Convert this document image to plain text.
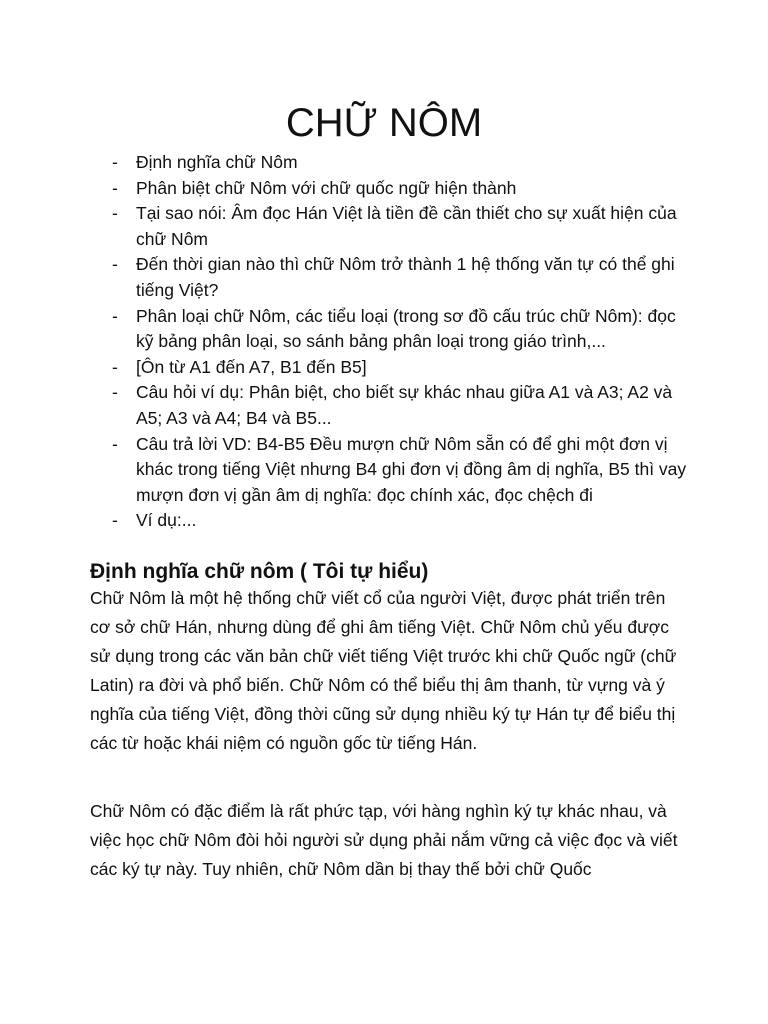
CHỮ NÔM
- Định nghĩa chữ Nôm
- Phân biệt chữ Nôm với chữ quốc ngữ hiện thành
- Tại sao nói: Âm đọc Hán Việt là tiền đề cần thiết cho sự xuất hiện của chữ Nôm
- Đến thời gian nào thì chữ Nôm trở thành 1 hệ thống văn tự có thể ghi tiếng Việt?
- Phân loại chữ Nôm, các tiểu loại (trong sơ đồ cấu trúc chữ Nôm): đọc kỹ bảng phân loại, so sánh bảng phân loại trong giáo trình,...
- [Ôn từ A1 đến A7, B1 đến B5]
- Câu hỏi ví dụ: Phân biệt, cho biết sự khác nhau giữa A1 và A3; A2 và A5; A3 và A4; B4 và B5...
- Câu trả lời VD: B4-B5 Đều mượn chữ Nôm sẵn có để ghi một đơn vị khác trong tiếng Việt nhưng B4 ghi đơn vị đồng âm dị nghĩa, B5 thì vay mượn đơn vị gần âm dị nghĩa: đọc chính xác, đọc chệch đi
- Ví dụ:...
Định nghĩa chữ nôm ( Tôi tự hiểu)

Chữ Nôm là một hệ thống chữ viết cổ của người Việt, được phát triển trên cơ sở chữ Hán, nhưng dùng để ghi âm tiếng Việt. Chữ Nôm chủ yếu được sử dụng trong các văn bản chữ viết tiếng Việt trước khi chữ Quốc ngữ (chữ Latin) ra đời và phổ biến. Chữ Nôm có thể biểu thị âm thanh, từ vựng và ý nghĩa của tiếng Việt, đồng thời cũng sử dụng nhiều ký tự Hán tự để biểu thị các từ hoặc khái niệm có nguồn gốc từ tiếng Hán.

Chữ Nôm có đặc điểm là rất phức tạp, với hàng nghìn ký tự khác nhau, và việc học chữ Nôm đòi hỏi người sử dụng phải nắm vững cả việc đọc và viết các ký tự này. Tuy nhiên, chữ Nôm dần bị thay thế bởi chữ Quốc
